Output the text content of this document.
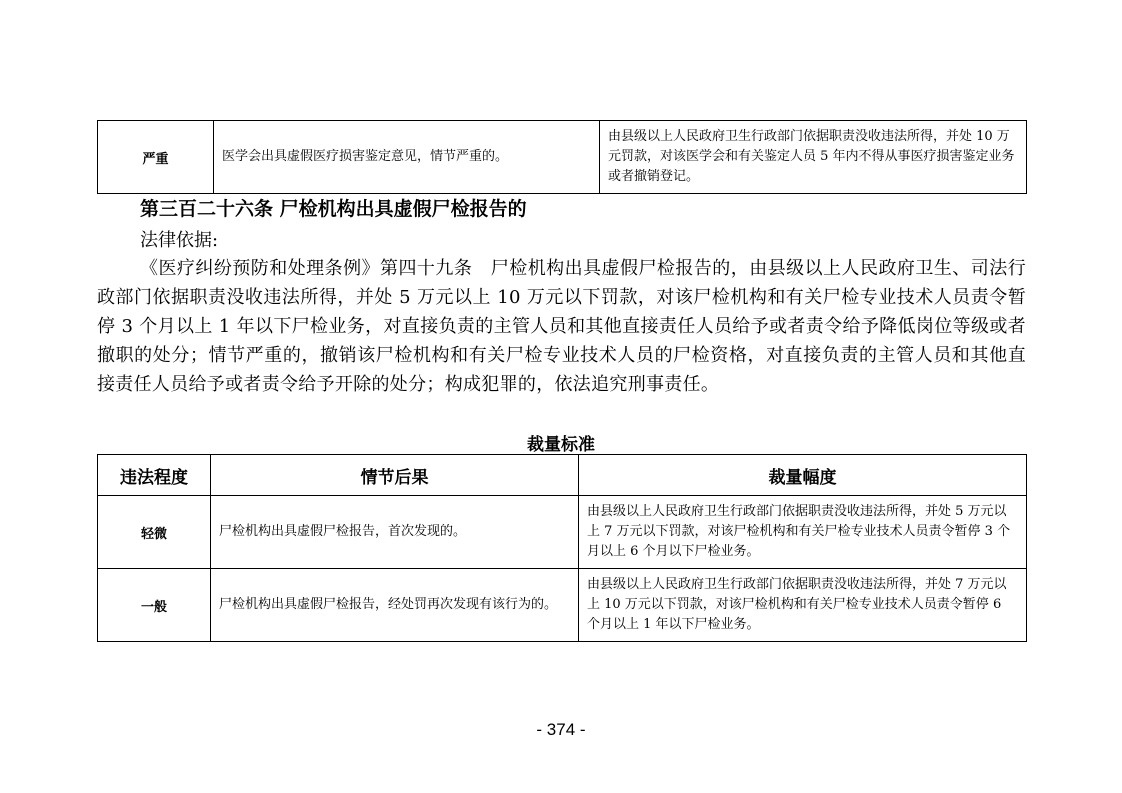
严重	医学会出具虚假医疗损害鉴定意见，情节严重的。	由县级以上人民政府卫生行政部门依据职责没收违法所得，并处 10 万元罚款，对该医学会和有关鉴定人员 5 年内不得从事医疗损害鉴定业务或者撤销登记。
第三百二十六条 尸检机构出具虚假尸检报告的
法律依据:
《医疗纠纷预防和处理条例》第四十九条　尸检机构出具虚假尸检报告的，由县级以上人民政府卫生、司法行政部门依据职责没收违法所得，并处 5 万元以上 10 万元以下罚款，对该尸检机构和有关尸检专业技术人员责令暂停 3 个月以上 1 年以下尸检业务，对直接负责的主管人员和其他直接责任人员给予或者责令给予降低岗位等级或者撤职的处分；情节严重的，撤销该尸检机构和有关尸检专业技术人员的尸检资格，对直接负责的主管人员和其他直接责任人员给予或者责令给予开除的处分；构成犯罪的，依法追究刑事责任。
裁量标准
违法程度	情节后果	裁量幅度
轻微	尸检机构出具虚假尸检报告，首次发现的。	由县级以上人民政府卫生行政部门依据职责没收违法所得，并处 5 万元以上 7 万元以下罚款，对该尸检机构和有关尸检专业技术人员责令暂停 3 个月以上 6 个月以下尸检业务。
一般	尸检机构出具虚假尸检报告，经处罚再次发现有该行为的。	由县级以上人民政府卫生行政部门依据职责没收违法所得，并处 7 万元以上 10 万元以下罚款，对该尸检机构和有关尸检专业技术人员责令暂停 6 个月以上 1 年以下尸检业务。
- 374 -
